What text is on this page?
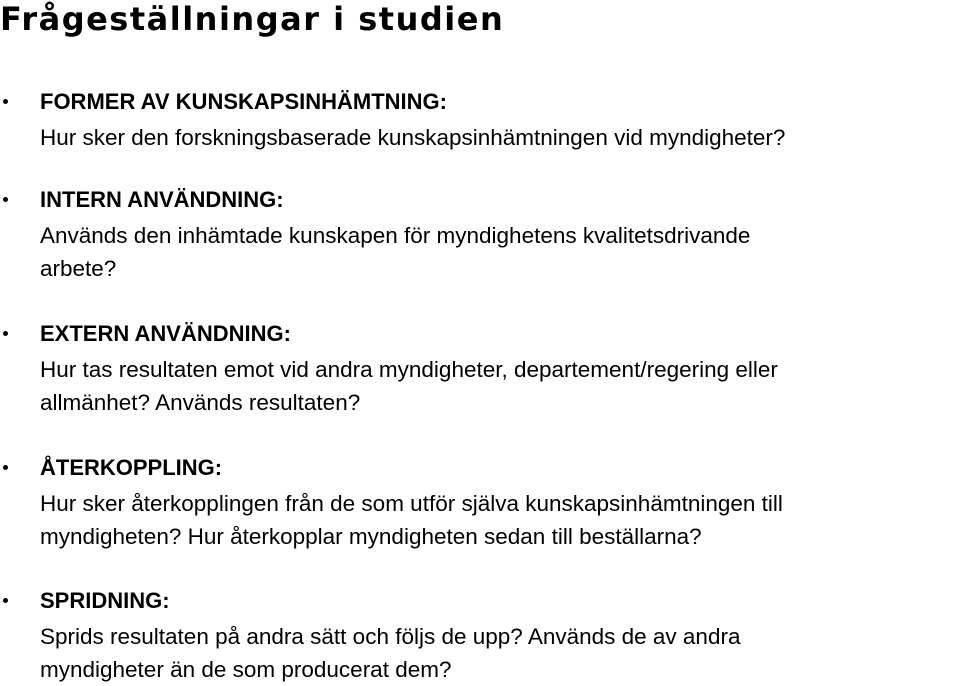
Frågeställningar i studien
FORMER AV KUNSKAPSINHÄMTNING:
Hur sker den forskningsbaserade kunskapsinhämtningen vid myndigheter?
INTERN ANVÄNDNING:
Används den inhämtade kunskapen för myndighetens kvalitetsdrivande
arbete?
EXTERN ANVÄNDNING:
Hur tas resultaten emot vid andra myndigheter, departement/regering eller
allmänhet? Används resultaten?
ÅTERKOPPLING:
Hur sker återkopplingen från de som utför själva kunskapsinhämtningen till
myndigheten? Hur återkopplar myndigheten sedan till beställarna?
SPRIDNING:
Sprids resultaten på andra sätt och följs de upp? Används de av andra
myndigheter än de som producerat dem?
